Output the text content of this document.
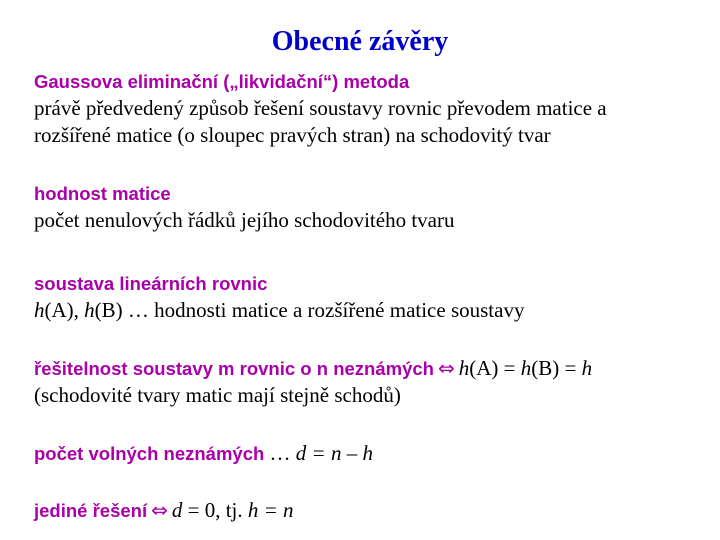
Obecné závěry
Gaussova eliminační („likvidační“) metoda
právě předvedený způsob řešení soustavy rovnic převodem matice a
rozšířené matice (o sloupec pravých stran) na schodovitý tvar
hodnost matice
počet nenulových řádků jejího schodovitého tvaru
soustava lineárních rovnic
h(A), h(B) … hodnosti matice a rozšířené matice soustavy
řešitelnost soustavy m rovnic o n neznámých ⇔ h(A) = h(B) = h
(schodovité tvary matic mají stejně schodů)
počet volných neznámých … d = n – h
jediné řešení ⇔ d = 0, tj. h = n
